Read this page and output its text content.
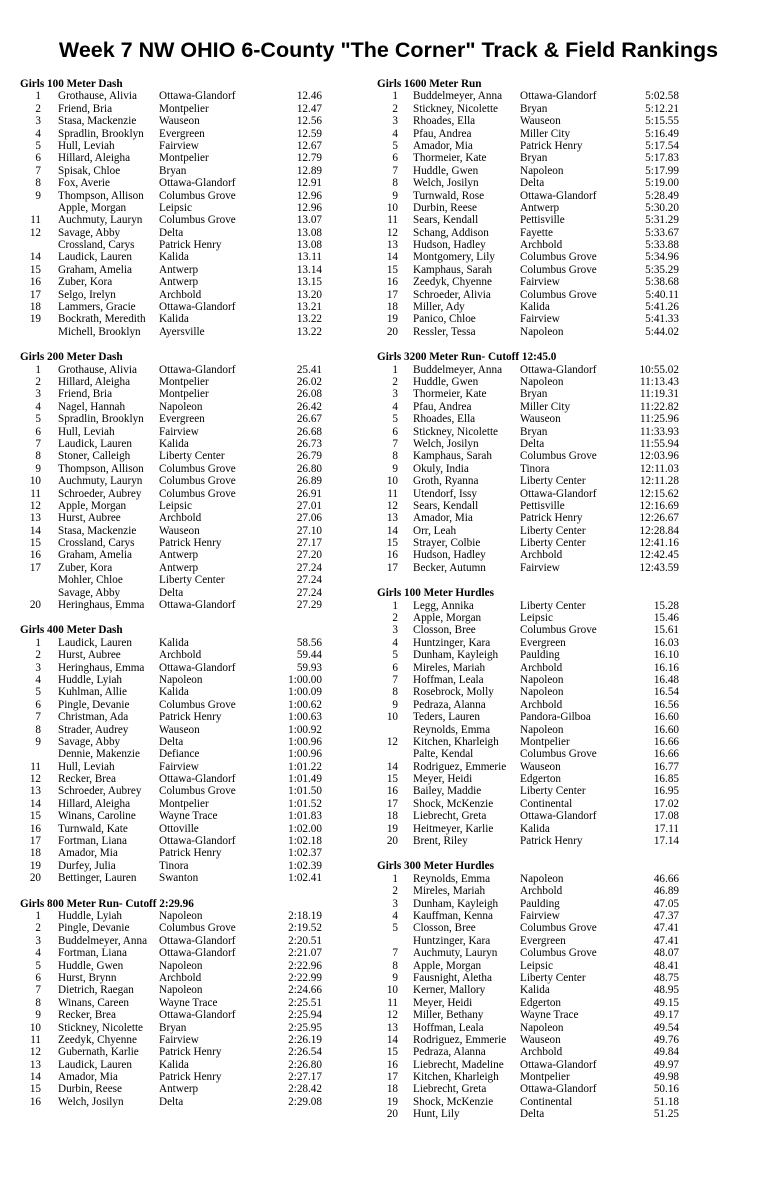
Week 7 NW OHIO 6-County "The Corner" Track & Field Rankings
Girls 100 Meter Dash
1 Grothause, Alivia Ottawa-Glandorf	12.46
2 Friend, Bria	Montpelier	12.47
3 Stasa, Mackenzie Wauseon	12.56
4 Spradlin, Brooklyn Evergreen	12.59
5 Hull, Leviah	Fairview	12.67
6 Hillard, Aleigha	Montpelier	12.79
7 Spisak, Chloe	Bryan	12.89
8 Fox, Averie	Ottawa-Glandorf	12.91
9 Thompson, Allison Columbus Grove	12.96
Apple, Morgan	Leipsic	12.96
11 Auchmuty, Lauryn Columbus Grove	13.07
12 Savage, Abby	Delta	13.08
Crossland, Carys Patrick Henry	13.08
14 Laudick, Lauren Kalida	13.11
15 Graham, Amelia Antwerp	13.14
16 Zuber, Kora	Antwerp	13.15
17 Selgo, Irelyn	Archbold	13.20
18 Lammers, Gracie Ottawa-Glandorf	13.21
19 Bockrath, Meredith Kalida	13.22
Michell, Brooklyn Ayersville	13.22
Girls 200 Meter Dash
1 Grothause, Alivia Ottawa-Glandorf	25.41
2 Hillard, Aleigha	Montpelier	26.02
3 Friend, Bria	Montpelier	26.08
4 Nagel, Hannah	Napoleon	26.42
5 Spradlin, Brooklyn Evergreen	26.67
6 Hull, Leviah	Fairview	26.68
7 Laudick, Lauren Kalida	26.73
8 Stoner, Calleigh	Liberty Center	26.79
9 Thompson, Allison Columbus Grove	26.80
10 Auchmuty, Lauryn Columbus Grove	26.89
11 Schroeder, Aubrey Columbus Grove	26.91
12 Apple, Morgan	Leipsic	27.01
13 Hurst, Aubree	Archbold	27.06
14 Stasa, Mackenzie Wauseon	27.10
15 Crossland, Carys Patrick Henry	27.17
16 Graham, Amelia Antwerp	27.20
17 Zuber, Kora	Antwerp	27.24
Mohler, Chloe	Liberty Center	27.24
Savage, Abby	Delta	27.24
20 Heringhaus, Emma Ottawa-Glandorf	27.29
Girls 400 Meter Dash
1 Laudick, Lauren Kalida	58.56
2 Hurst, Aubree	Archbold	59.44
3 Heringhaus, Emma Ottawa-Glandorf	59.93
4 Huddle, Lyiah	Napoleon	1:00.00
5 Kuhlman, Allie	Kalida	1:00.09
6 Pingle, Devanie	Columbus Grove	1:00.62
7 Christman, Ada	Patrick Henry	1:00.63
8 Strader, Audrey	Wauseon	1:00.92
9 Savage, Abby	Delta	1:00.96
Dennie, Makenzie Defiance	1:00.96
11 Hull, Leviah	Fairview	1:01.22
12 Recker, Brea	Ottawa-Glandorf	1:01.49
13 Schroeder, Aubrey Columbus Grove	1:01.50
14 Hillard, Aleigha	Montpelier	1:01.52
15 Winans, Caroline Wayne Trace	1:01.83
16 Turnwald, Kate	Ottoville	1:02.00
17 Fortman, Liana	Ottawa-Glandorf	1:02.18
18 Amador, Mia	Patrick Henry	1:02.37
19 Durfey, Julia	Tinora	1:02.39
20 Bettinger, Lauren Swanton	1:02.41
Girls 800 Meter Run- Cutoff 2:29.96
1 Huddle, Lyiah	Napoleon	2:18.19
2 Pingle, Devanie	Columbus Grove	2:19.52
3 Buddelmeyer, Anna Ottawa-Glandorf	2:20.51
4 Fortman, Liana	Ottawa-Glandorf	2:21.07
5 Huddle, Gwen	Napoleon	2:22.96
6 Hurst, Brynn	Archbold	2:22.99
7 Dietrich, Raegan Napoleon	2:24.66
8 Winans, Careen	Wayne Trace	2:25.51
9 Recker, Brea	Ottawa-Glandorf	2:25.94
10 Stickney, Nicolette Bryan	2:25.95
11 Zeedyk, Chyenne Fairview	2:26.19
12 Gubernath, Karlie Patrick Henry	2:26.54
13 Laudick, Lauren Kalida	2:26.80
14 Amador, Mia	Patrick Henry	2:27.17
15 Durbin, Reese	Antwerp	2:28.42
16 Welch, Josilyn	Delta	2:29.08
Girls 1600 Meter Run
1 Buddelmeyer, Anna Ottawa-Glandorf	5:02.58
2 Stickney, Nicolette Bryan	5:12.21
3 Rhoades, Ella	Wauseon	5:15.55
4 Pfau, Andrea	Miller City	5:16.49
5 Amador, Mia	Patrick Henry	5:17.54
6 Thormeier, Kate	Bryan	5:17.83
7 Huddle, Gwen	Napoleon	5:17.99
8 Welch, Josilyn	Delta	5:19.00
9 Turnwald, Rose	Ottawa-Glandorf	5:28.49
10 Durbin, Reese	Antwerp	5:30.20
11 Sears, Kendall	Pettisville	5:31.29
12 Schang, Addison	Fayette	5:33.67
13 Hudson, Hadley	Archbold	5:33.88
14 Montgomery, Lily Columbus Grove	5:34.96
15 Kamphaus, Sarah	Columbus Grove	5:35.29
16 Zeedyk, Chyenne	Fairview	5:38.68
17 Schroeder, Alivia	Columbus Grove	5:40.11
18 Miller, Ady	Kalida	5:41.26
19 Panico, Chloe	Fairview	5:41.33
20 Ressler, Tessa	Napoleon	5:44.02
Girls 3200 Meter Run- Cutoff 12:45.0
1 Buddelmeyer, Anna Ottawa-Glandorf	10:55.02
2 Huddle, Gwen	Napoleon	11:13.43
3 Thormeier, Kate	Bryan	11:19.31
4 Pfau, Andrea	Miller City	11:22.82
5 Rhoades, Ella	Wauseon	11:25.96
6 Stickney, Nicolette Bryan	11:33.93
7 Welch, Josilyn	Delta	11:55.94
8 Kamphaus, Sarah	Columbus Grove	12:03.96
9 Okuly, India	Tinora	12:11.03
10 Groth, Ryanna	Liberty Center	12:11.28
11 Utendorf, Issy	Ottawa-Glandorf	12:15.62
12 Sears, Kendall	Pettisville	12:16.69
13 Amador, Mia	Patrick Henry	12:26.67
14 Orr, Leah	Liberty Center	12:28.84
15 Strayer, Colbie	Liberty Center	12:41.16
16 Hudson, Hadley	Archbold	12:42.45
17 Becker, Autumn	Fairview	12:43.59
Girls 100 Meter Hurdles
1 Legg, Annika	Liberty Center	15.28
2 Apple, Morgan	Leipsic	15.46
3 Closson, Bree	Columbus Grove	15.61
4 Huntzinger, Kara	Evergreen	16.03
5 Dunham, Kayleigh Paulding	16.10
6 Mireles, Mariah	Archbold	16.16
7 Hoffman, Leala	Napoleon	16.48
8 Rosebrock, Molly Napoleon	16.54
9 Pedraza, Alanna	Archbold	16.56
10 Teders, Lauren	Pandora-Gilboa	16.60
Reynolds, Emma	Napoleon	16.60
12 Kitchen, Kharleigh Montpelier	16.66
Palte, Kendal	Columbus Grove	16.66
14 Rodriguez, Emmerie Wauseon	16.77
15 Meyer, Heidi	Edgerton	16.85
16 Bailey, Maddie	Liberty Center	16.95
17 Shock, McKenzie Continental	17.02
18 Liebrecht, Greta	Ottawa-Glandorf	17.08
19 Heitmeyer, Karlie Kalida	17.11
20 Brent, Riley	Patrick Henry	17.14
Girls 300 Meter Hurdles
1 Reynolds, Emma	Napoleon	46.66
2 Mireles, Mariah	Archbold	46.89
3 Dunham, Kayleigh Paulding	47.05
4 Kauffman, Kenna Fairview	47.37
5 Closson, Bree	Columbus Grove	47.41
Huntzinger, Kara	Evergreen	47.41
7 Auchmuty, Lauryn Columbus Grove	48.07
8 Apple, Morgan	Leipsic	48.41
9 Fausnight, Aletha	Liberty Center	48.75
10 Kerner, Mallory	Kalida	48.95
11 Meyer, Heidi	Edgerton	49.15
12 Miller, Bethany	Wayne Trace	49.17
13 Hoffman, Leala	Napoleon	49.54
14 Rodriguez, Emmerie Wauseon	49.76
15 Pedraza, Alanna	Archbold	49.84
16 Liebrecht, Madeline Ottawa-Glandorf	49.97
17 Kitchen, Kharleigh Montpelier	49.98
18 Liebrecht, Greta	Ottawa-Glandorf	50.16
19 Shock, McKenzie Continental	51.18
20 Hunt, Lily	Delta	51.25
